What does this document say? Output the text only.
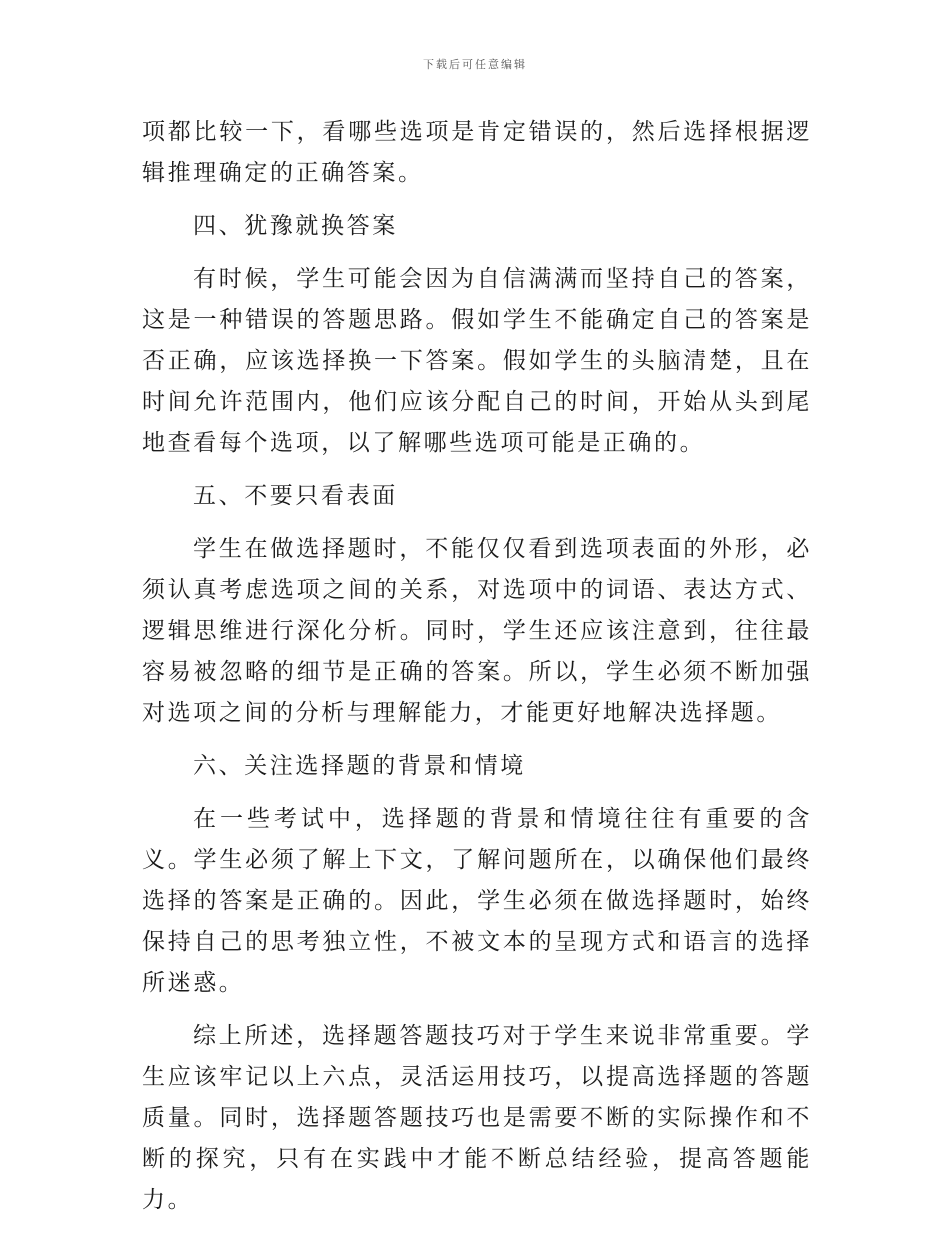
下载后可任意编辑

项都比较一下，看哪些选项是肯定错误的，然后选择根据逻辑推理确定的正确答案。

四、犹豫就换答案

有时候，学生可能会因为自信满满而坚持自己的答案，这是一种错误的答题思路。假如学生不能确定自己的答案是否正确，应该选择换一下答案。假如学生的头脑清楚，且在时间允许范围内，他们应该分配自己的时间，开始从头到尾地查看每个选项，以了解哪些选项可能是正确的。

五、不要只看表面

学生在做选择题时，不能仅仅看到选项表面的外形，必须认真考虑选项之间的关系，对选项中的词语、表达方式、逻辑思维进行深化分析。同时，学生还应该注意到，往往最容易被忽略的细节是正确的答案。所以，学生必须不断加强对选项之间的分析与理解能力，才能更好地解决选择题。

六、关注选择题的背景和情境

在一些考试中，选择题的背景和情境往往有重要的含义。学生必须了解上下文，了解问题所在，以确保他们最终选择的答案是正确的。因此，学生必须在做选择题时，始终保持自己的思考独立性，不被文本的呈现方式和语言的选择所迷惑。

综上所述，选择题答题技巧对于学生来说非常重要。学生应该牢记以上六点，灵活运用技巧，以提高选择题的答题质量。同时，选择题答题技巧也是需要不断的实际操作和不断的探究，只有在实践中才能不断总结经验，提高答题能力。
